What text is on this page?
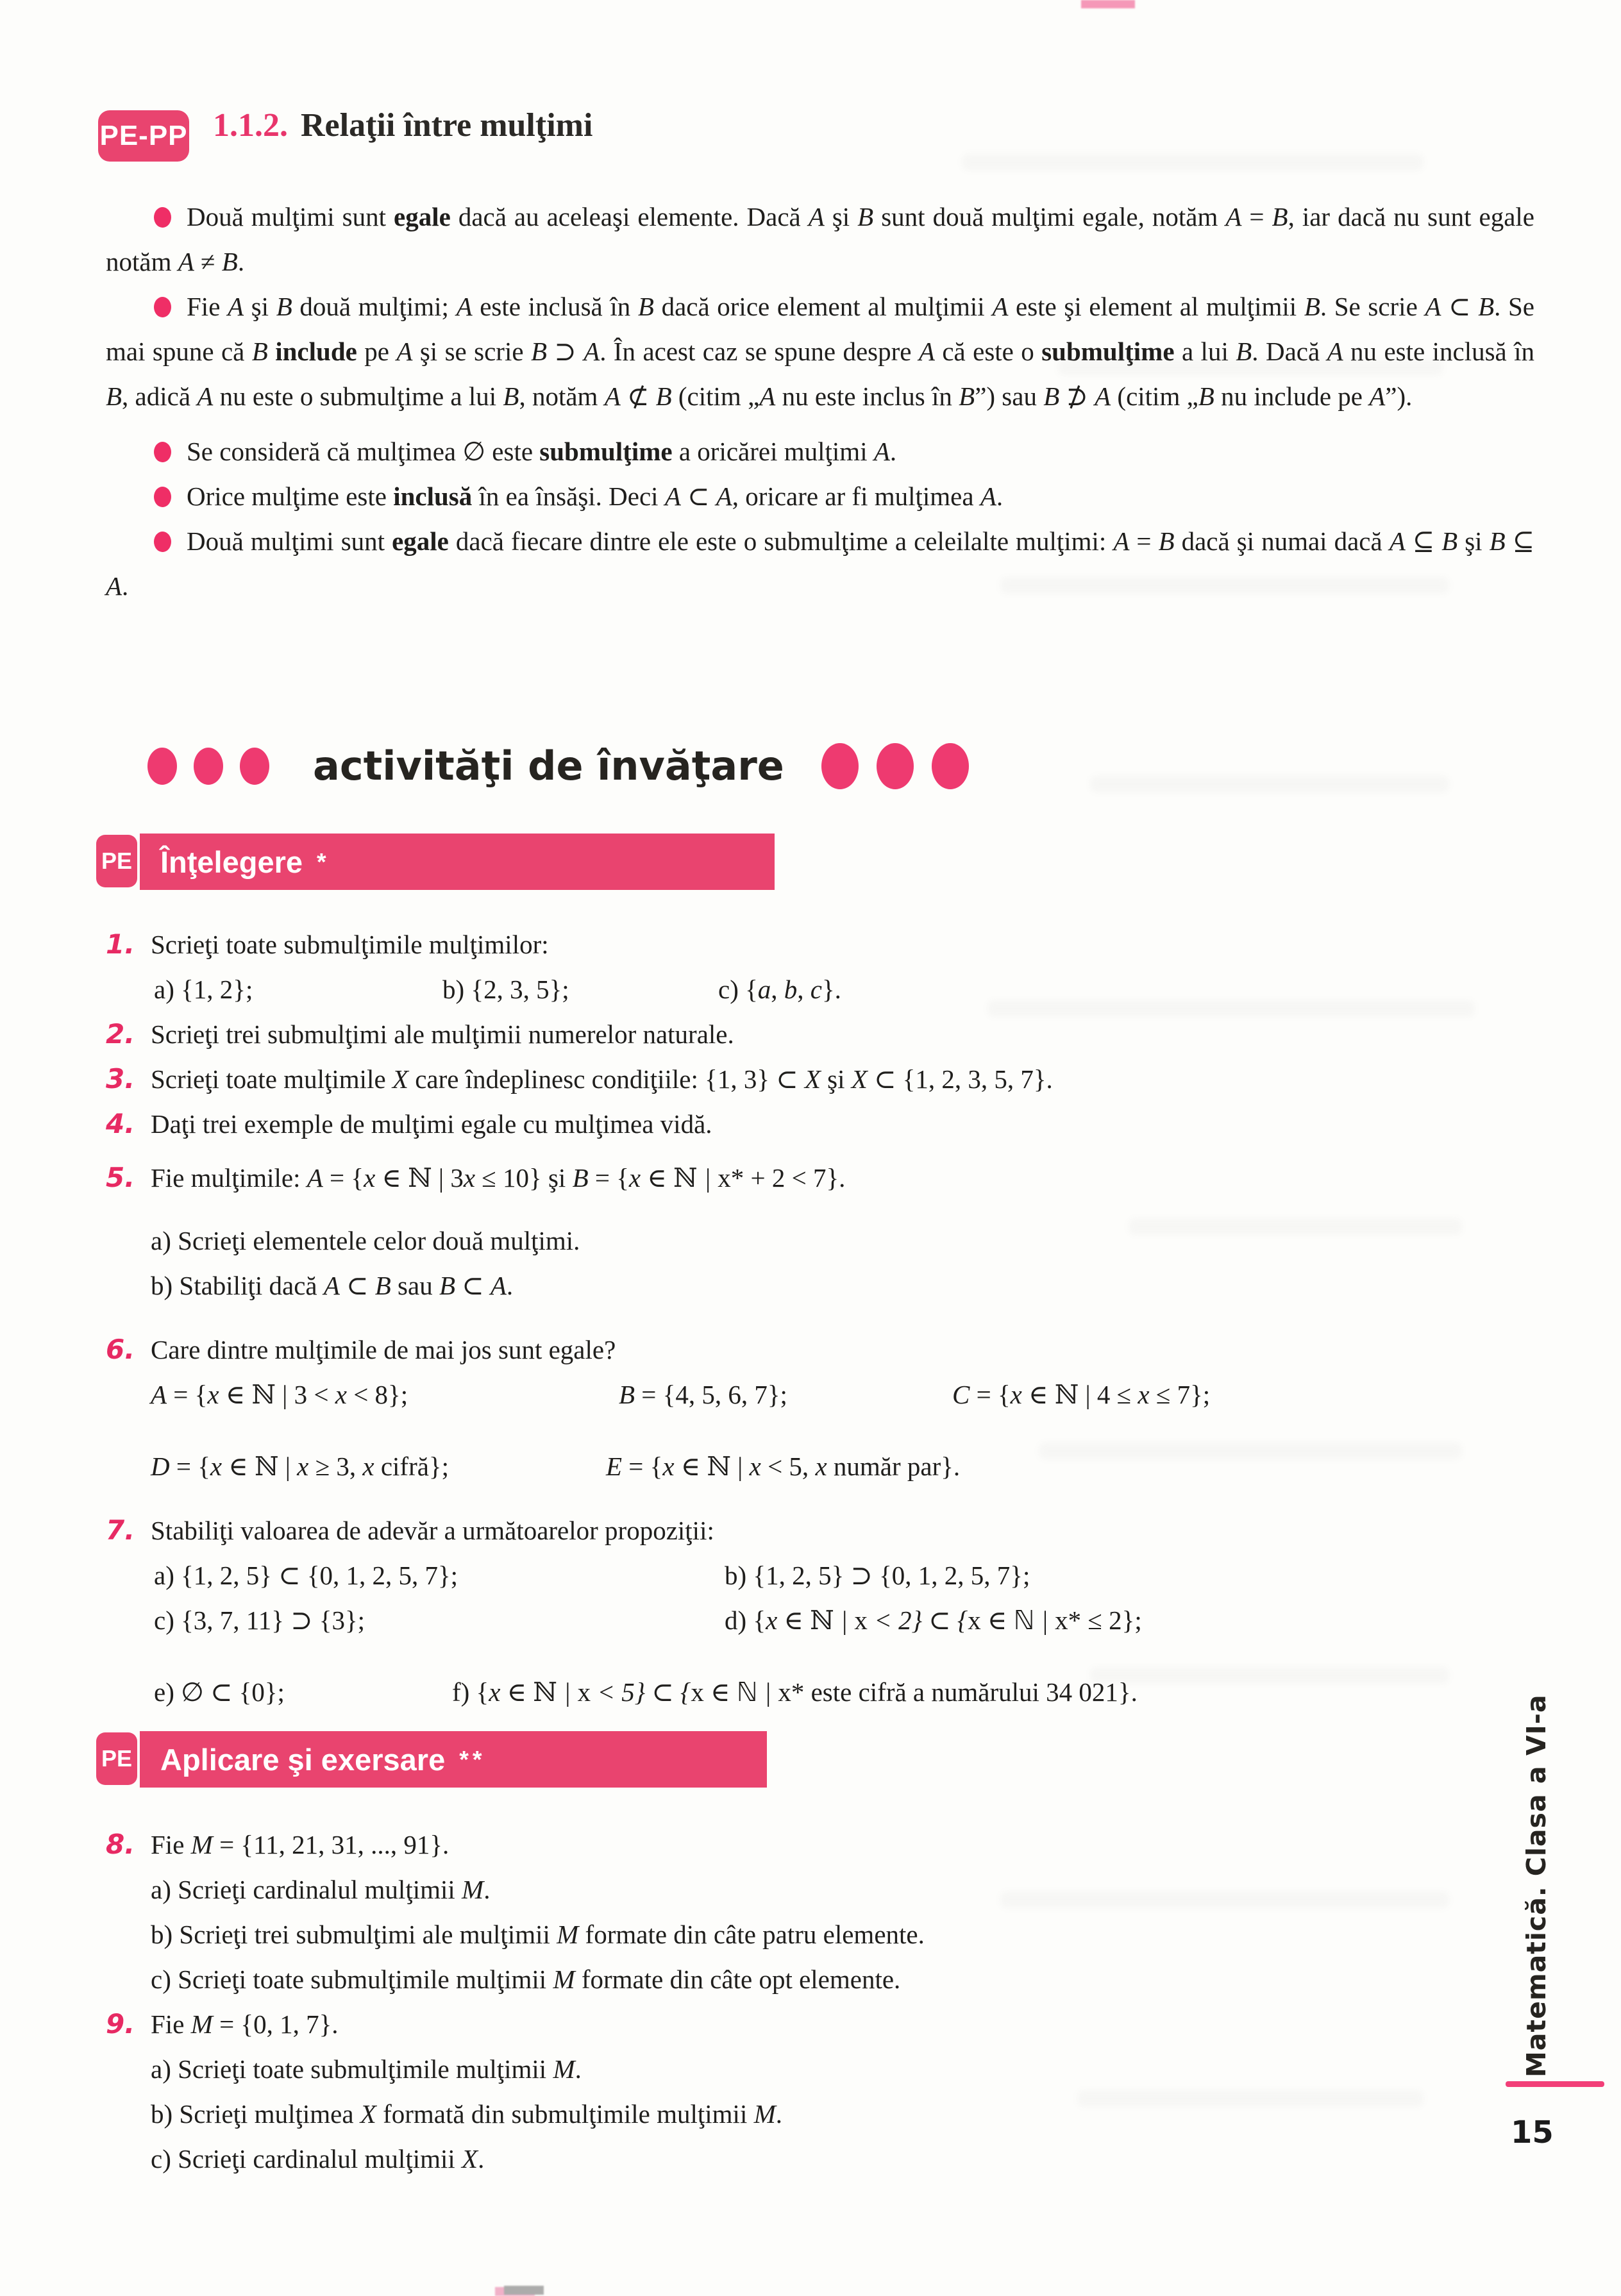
PE-PP 1.1.2. Relaţii între mulţimi

Două mulţimi sunt egale dacă au aceleaşi elemente. Dacă A şi B sunt două mulţimi egale, notăm A = B, iar dacă nu sunt egale notăm A ≠ B.

Fie A şi B două mulţimi; A este inclusă în B dacă orice element al mulţimii A este şi element al mulţimii B. Se scrie A ⊂ B. Se mai spune că B include pe A şi se scrie B ⊃ A. În acest caz se spune despre A că este o submulţime a lui B. Dacă A nu este inclusă în B, adică A nu este o submulţime a lui B, notăm A ⊄ B (citim „A nu este inclus în B”) sau B ⊅ A (citim „B nu include pe A”).

Se consideră că mulţimea ∅ este submulţime a oricărei mulţimi A.

Orice mulţime este inclusă în ea însăşi. Deci A ⊂ A, oricare ar fi mulţimea A.

Două mulţimi sunt egale dacă fiecare dintre ele este o submulţime a celeilalte mulţimi: A = B dacă şi numai dacă A ⊆ B şi B ⊆ A.

activităţi de învăţare
PE Înţelegere *
1. Scrieţi toate submulţimile mulţimilor:
a) {1, 2};	b) {2, 3, 5};	c) {a, b, c}.
2. Scrieţi trei submulţimi ale mulţimii numerelor naturale.
3. Scrieţi toate mulţimile X care îndeplinesc condiţiile: {1, 3} ⊂ X şi X ⊂ {1, 2, 3, 5, 7}.
4. Daţi trei exemple de mulţimi egale cu mulţimea vidă.
5. Fie mulţimile: A = {x ∈ ℕ | 3x ≤ 10} şi B = {x ∈ ℕ | x* + 2 < 7}.
a) Scrieţi elementele celor două mulţimi.
b) Stabiliţi dacă A ⊂ B sau B ⊂ A.
6. Care dintre mulţimile de mai jos sunt egale?
A = {x ∈ ℕ | 3 < x < 8};	B = {4, 5, 6, 7};	C = {x ∈ ℕ | 4 ≤ x ≤ 7};
D = {x ∈ ℕ | x ≥ 3, x cifră};	E = {x ∈ ℕ | x < 5, x număr par}.
7. Stabiliţi valoarea de adevăr a următoarelor propoziţii:
a) {1, 2, 5} ⊂ {0, 1, 2, 5, 7};	b) {1, 2, 5} ⊃ {0, 1, 2, 5, 7};
c) {3, 7, 11} ⊃ {3};	d) {x ∈ ℕ | x < 2} ⊂ {x ∈ ℕ | x* ≤ 2};
e) ∅ ⊂ {0};	f) {x ∈ ℕ | x < 5} ⊂ {x ∈ ℕ | x* este cifră a numărului 34 021}.
PE Aplicare şi exersare **
8. Fie M = {11, 21, 31, ..., 91}.
a) Scrieţi cardinalul mulţimii M.
b) Scrieţi trei submulţimi ale mulţimii M formate din câte patru elemente.
c) Scrieţi toate submulţimile mulţimii M formate din câte opt elemente.
9. Fie M = {0, 1, 7}.
a) Scrieţi toate submulţimile mulţimii M.
b) Scrieţi mulţimea X formată din submulţimile mulţimii M.
c) Scrieţi cardinalul mulţimii X.
Matematică. Clasa a VI-a
15
